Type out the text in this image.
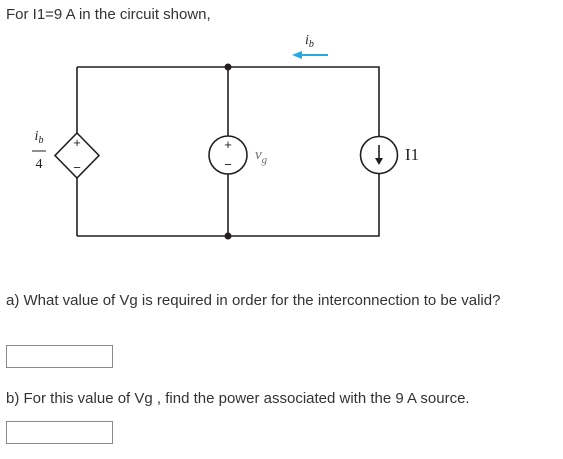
For I1=9 A in the circuit shown,
+
−
$i_b$
4
+
−
$v_g$	I1
$i_b$
a) What value of Vg is required in order for the interconnection to be valid?
b) For this value of Vg , find the power associated with the 9 A source.
